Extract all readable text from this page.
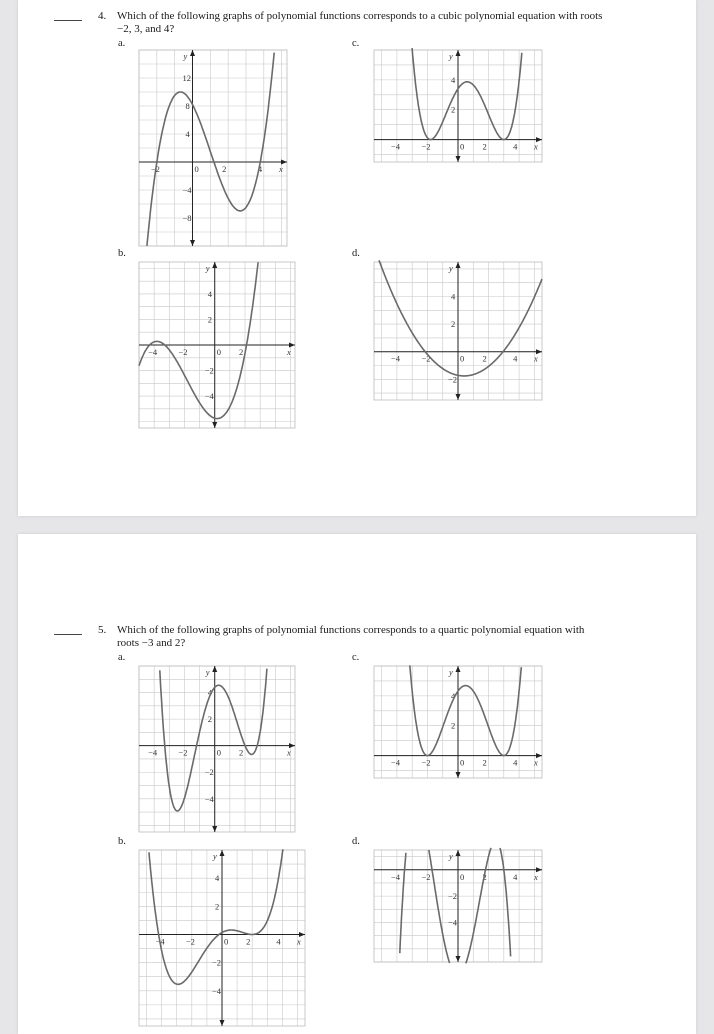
4. Which of the following graphs of polynomial functions corresponds to a cubic polynomial equation with roots
−2, 3, and 4?
a.	c.
b.	d.
x
y
−2	0	2	4
12
8
4
−4
−8
x
y
−4	−2	0 2	4
4
2
x
y
−4 −2	0 2
4
2
−2
−4
x
y
−4	−2	0 2	4
4
2
−2
5. Which of the following graphs of polynomial functions corresponds to a quartic polynomial equation with
roots −3 and 2?
a.	c.
b.	d.
x
y
−4 −2	0 2
4
2
−2
−4
x
y
−4	−2	0 2	4
4
2
x
y
−4 −2	0 2	4
4
2
−2
−4
x
y
−4	−2	0 2	4
−2
−4
